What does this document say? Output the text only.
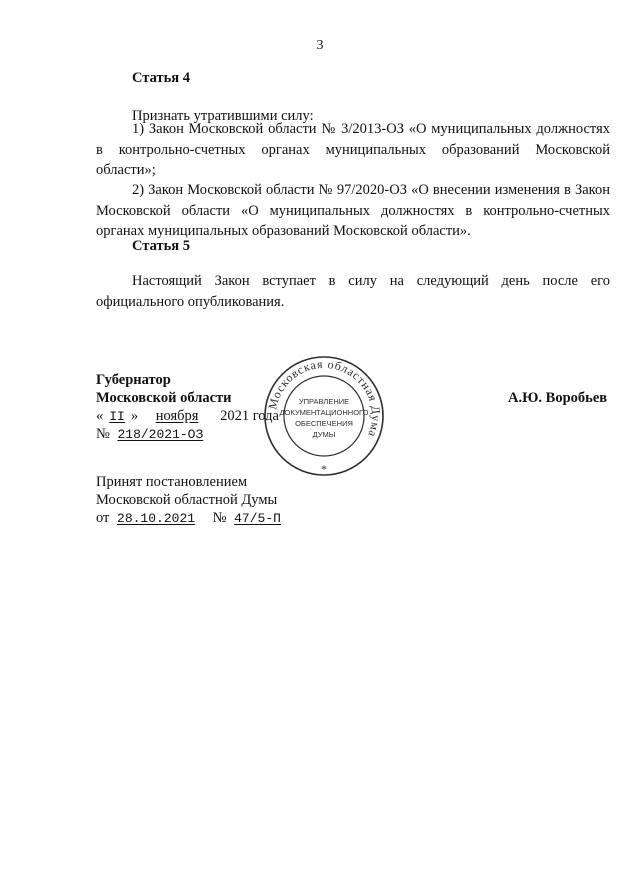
3
Статья 4
Признать утратившими силу:
1) Закон Московской области № 3/2013-ОЗ «О муниципальных должностях в контрольно-счетных органах муниципальных образований Московской области»;
2) Закон Московской области № 97/2020-ОЗ «О внесении изменения в Закон Московской области «О муниципальных должностях в контрольно-счетных органах муниципальных образований Московской области».
Статья 5
Настоящий Закон вступает в силу на следующий день после его официального опубликования.
Губернатор
Московской области	А.Ю. Воробьев
« II » ноября 2021 года
№ 218/2021-ОЗ
Московская областная Дума
УПРАВЛЕНИЕ
ДОКУМЕНТАЦИОННОГО
ОБЕСПЕЧЕНИЯ
ДУМЫ
*
Принят постановлением
Московской областной Думы
от 28.10.2021 № 47/5-П
